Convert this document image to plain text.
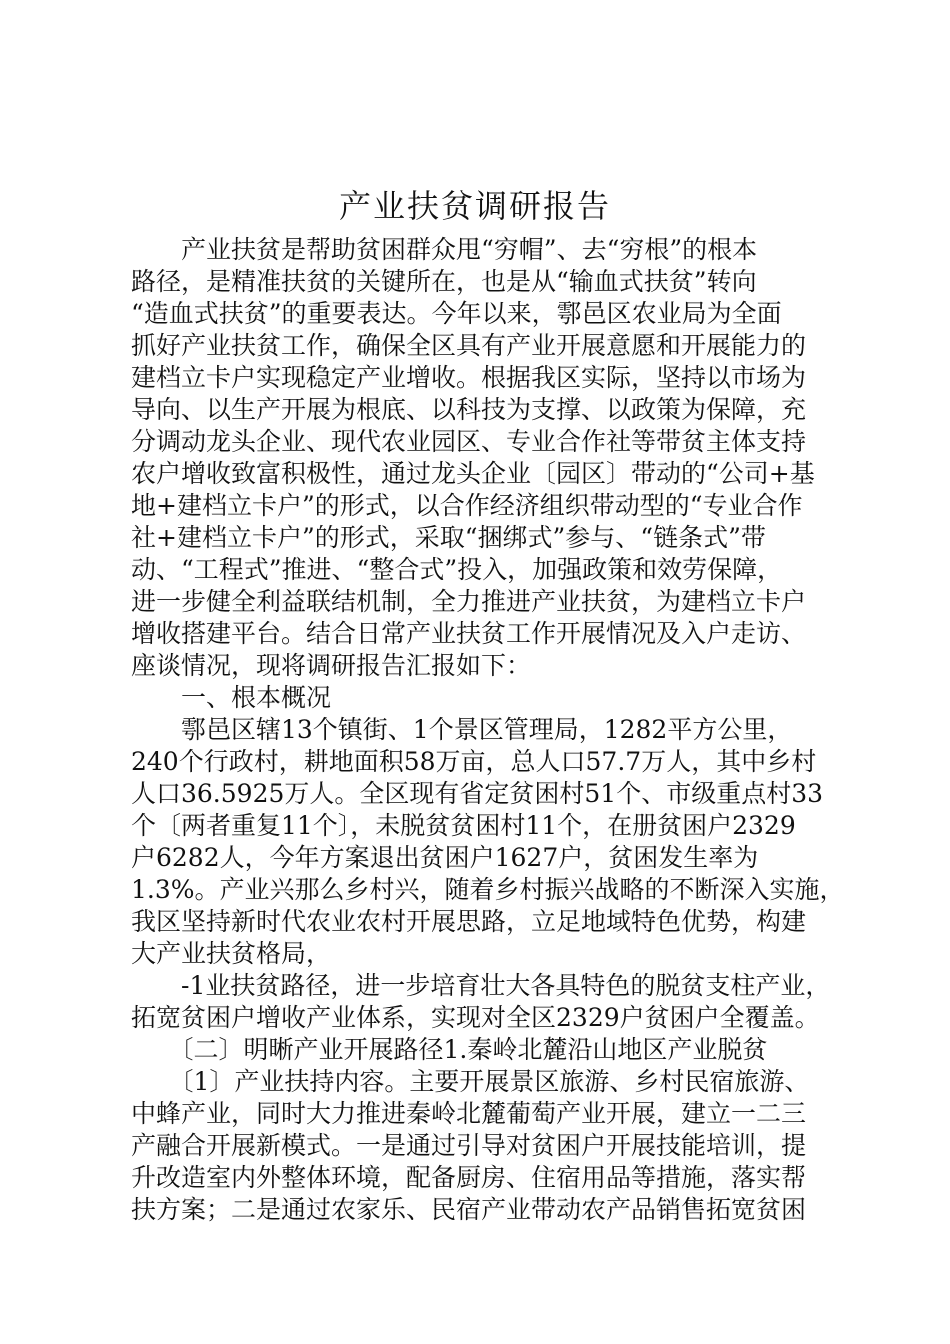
产业扶贫调研报告

　　产业扶贫是帮助贫困群众甩“穷帽”、去“穷根”的根本

路径，是精准扶贫的关键所在，也是从“输血式扶贫”转向

“造血式扶贫”的重要表达。今年以来，鄠邑区农业局为全面

抓好产业扶贫工作，确保全区具有产业开展意愿和开展能力的

建档立卡户实现稳定产业增收。根据我区实际，坚持以市场为

导向、以生产开展为根底、以科技为支撑、以政策为保障，充

分调动龙头企业、现代农业园区、专业合作社等带贫主体支持

农户增收致富积极性，通过龙头企业〔园区〕带动的“公司+基

地+建档立卡户”的形式，以合作经济组织带动型的“专业合作

社+建档立卡户”的形式，采取“捆绑式”参与、“链条式”带

动、“工程式”推进、“整合式”投入，加强政策和效劳保障，

进一步健全利益联结机制，全力推进产业扶贫，为建档立卡户

增收搭建平台。结合日常产业扶贫工作开展情况及入户走访、

座谈情况，现将调研报告汇报如下：

　　一、根本概况

　　鄠邑区辖13个镇街、1个景区管理局，1282平方公里，

240个行政村，耕地面积58万亩，总人口57.7万人，其中乡村

人口36.5925万人。全区现有省定贫困村51个、市级重点村33

个〔两者重复11个〕，未脱贫贫困村11个，在册贫困户2329

户6282人，今年方案退出贫困户1627户，贫困发生率为

1.3%。产业兴那么乡村兴，随着乡村振兴战略的不断深入实施，

我区坚持新时代农业农村开展思路，立足地域特色优势，构建

大产业扶贫格局，

　　-1业扶贫路径，进一步培育壮大各具特色的脱贫支柱产业，

拓宽贫困户增收产业体系，实现对全区2329户贫困户全覆盖。

　　〔二〕明晰产业开展路径1.秦岭北麓沿山地区产业脱贫

　　〔1〕产业扶持内容。主要开展景区旅游、乡村民宿旅游、

中蜂产业，同时大力推进秦岭北麓葡萄产业开展，建立一二三

产融合开展新模式。一是通过引导对贫困户开展技能培训，提

升改造室内外整体环境，配备厨房、住宿用品等措施，落实帮

扶方案；二是通过农家乐、民宿产业带动农产品销售拓宽贫困
